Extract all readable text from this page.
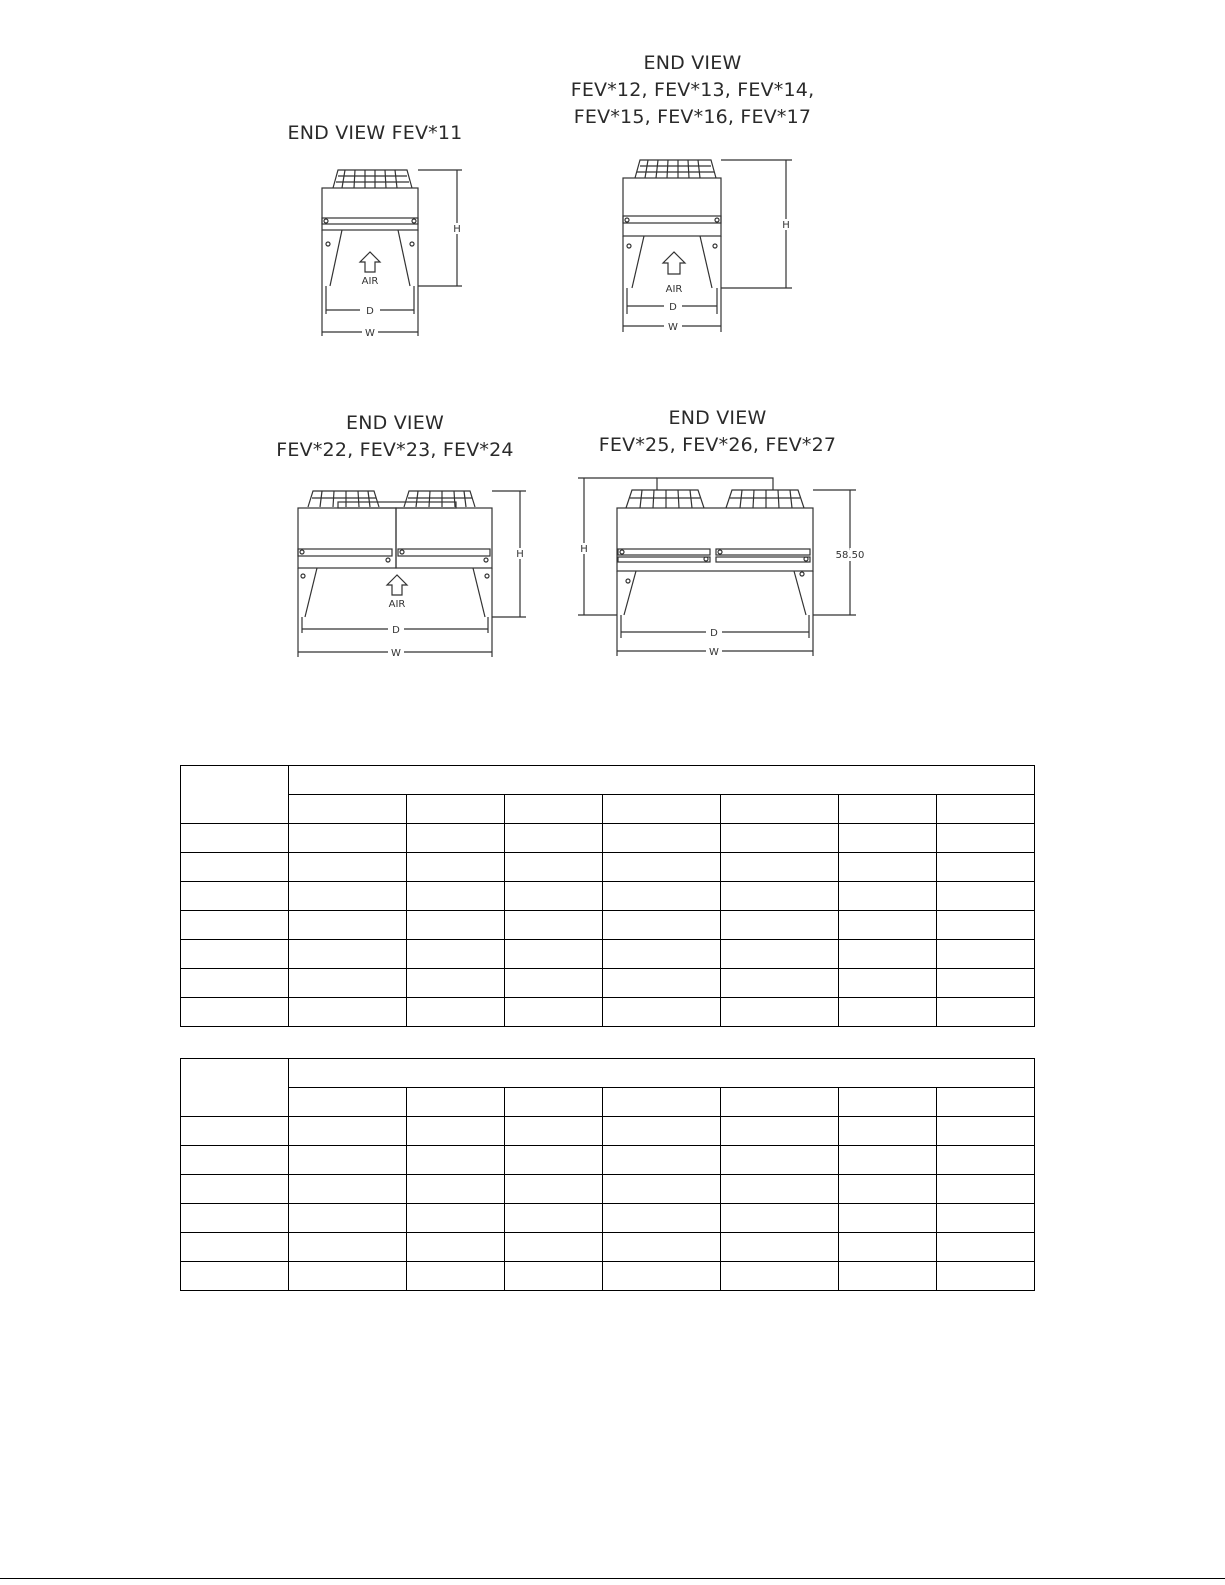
END VIEW FEV*11
AIR
H
D
W
END VIEW
FEV*12, FEV*13, FEV*14,
FEV*15, FEV*16, FEV*17
AIR
H
D
W
END VIEW
FEV*22, FEV*23, FEV*24
AIR
H
D
W
END VIEW
FEV*25, FEV*26, FEV*27
H
58.50
D
W
